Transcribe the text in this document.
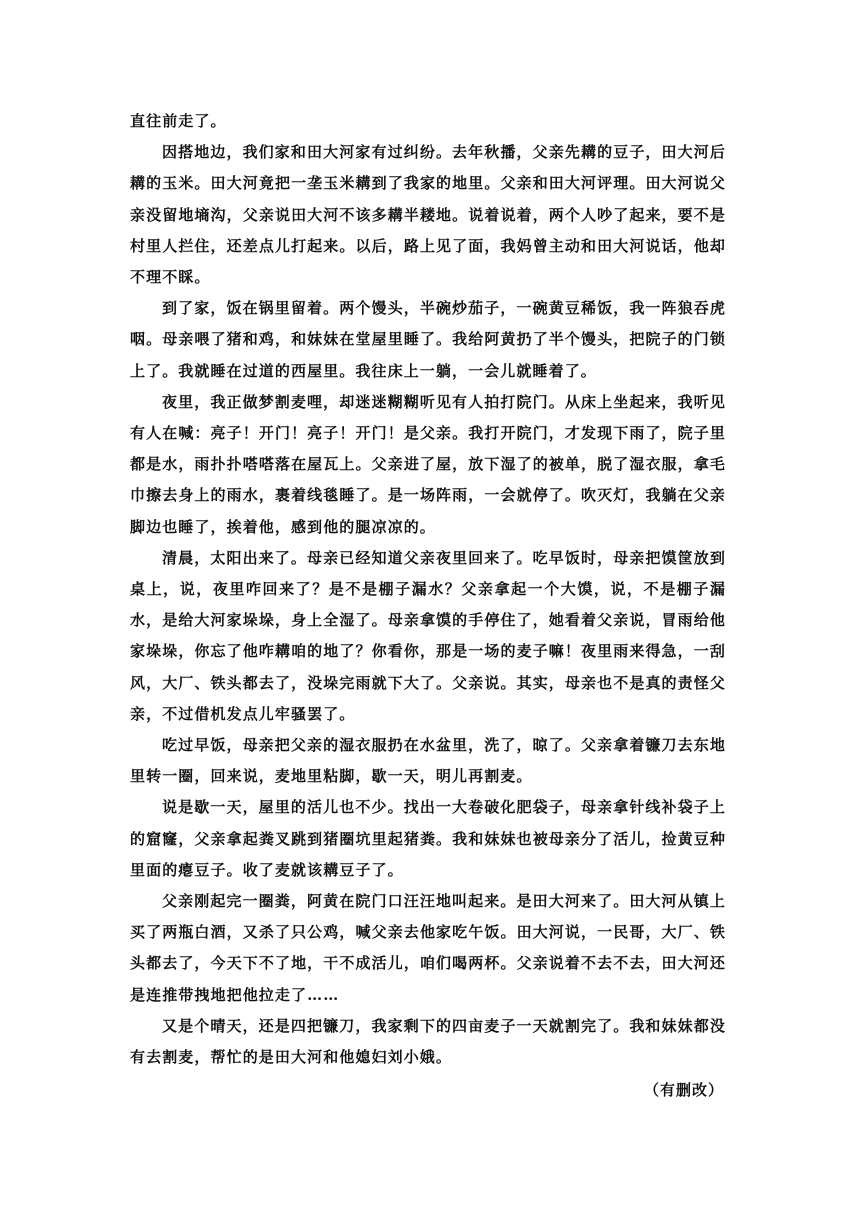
直往前走了。

因搭地边，我们家和田大河家有过纠纷。去年秋播，父亲先耩的豆子，田大河后耩的玉米。田大河竟把一垄玉米耩到了我家的地里。父亲和田大河评理。田大河说父亲没留地墒沟，父亲说田大河不该多耩半耧地。说着说着，两个人吵了起来，要不是村里人拦住，还差点儿打起来。以后，路上见了面，我妈曾主动和田大河说话，他却不理不睬。

到了家，饭在锅里留着。两个馒头，半碗炒茄子，一碗黄豆稀饭，我一阵狼吞虎咽。母亲喂了猪和鸡，和妹妹在堂屋里睡了。我给阿黄扔了半个馒头，把院子的门锁上了。我就睡在过道的西屋里。我往床上一躺，一会儿就睡着了。

夜里，我正做梦割麦哩，却迷迷糊糊听见有人拍打院门。从床上坐起来，我听见有人在喊：亮子！开门！亮子！开门！是父亲。我打开院门，才发现下雨了，院子里都是水，雨扑扑嗒嗒落在屋瓦上。父亲进了屋，放下湿了的被单，脱了湿衣服，拿毛巾擦去身上的雨水，裹着线毯睡了。是一场阵雨，一会就停了。吹灭灯，我躺在父亲脚边也睡了，挨着他，感到他的腿凉凉的。

清晨，太阳出来了。母亲已经知道父亲夜里回来了。吃早饭时，母亲把馍筐放到桌上，说，夜里咋回来了？是不是棚子漏水？父亲拿起一个大馍，说，不是棚子漏水，是给大河家垛垛，身上全湿了。母亲拿馍的手停住了，她看着父亲说，冒雨给他家垛垛，你忘了他咋耩咱的地了？你看你，那是一场的麦子嘛！夜里雨来得急，一刮风，大厂、铁头都去了，没垛完雨就下大了。父亲说。其实，母亲也不是真的责怪父亲，不过借机发点儿牢骚罢了。

吃过早饭，母亲把父亲的湿衣服扔在水盆里，洗了，晾了。父亲拿着镰刀去东地里转一圈，回来说，麦地里粘脚，歇一天，明儿再割麦。

说是歇一天，屋里的活儿也不少。找出一大卷破化肥袋子，母亲拿针线补袋子上的窟窿，父亲拿起粪叉跳到猪圈坑里起猪粪。我和妹妹也被母亲分了活儿，捡黄豆种里面的瘪豆子。收了麦就该耩豆子了。

父亲刚起完一圈粪，阿黄在院门口汪汪地叫起来。是田大河来了。田大河从镇上买了两瓶白酒，又杀了只公鸡，喊父亲去他家吃午饭。田大河说，一民哥，大厂、铁头都去了，今天下不了地，干不成活儿，咱们喝两杯。父亲说着不去不去，田大河还是连推带拽地把他拉走了……

又是个晴天，还是四把镰刀，我家剩下的四亩麦子一天就割完了。我和妹妹都没有去割麦，帮忙的是田大河和他媳妇刘小娥。

（有删改）
